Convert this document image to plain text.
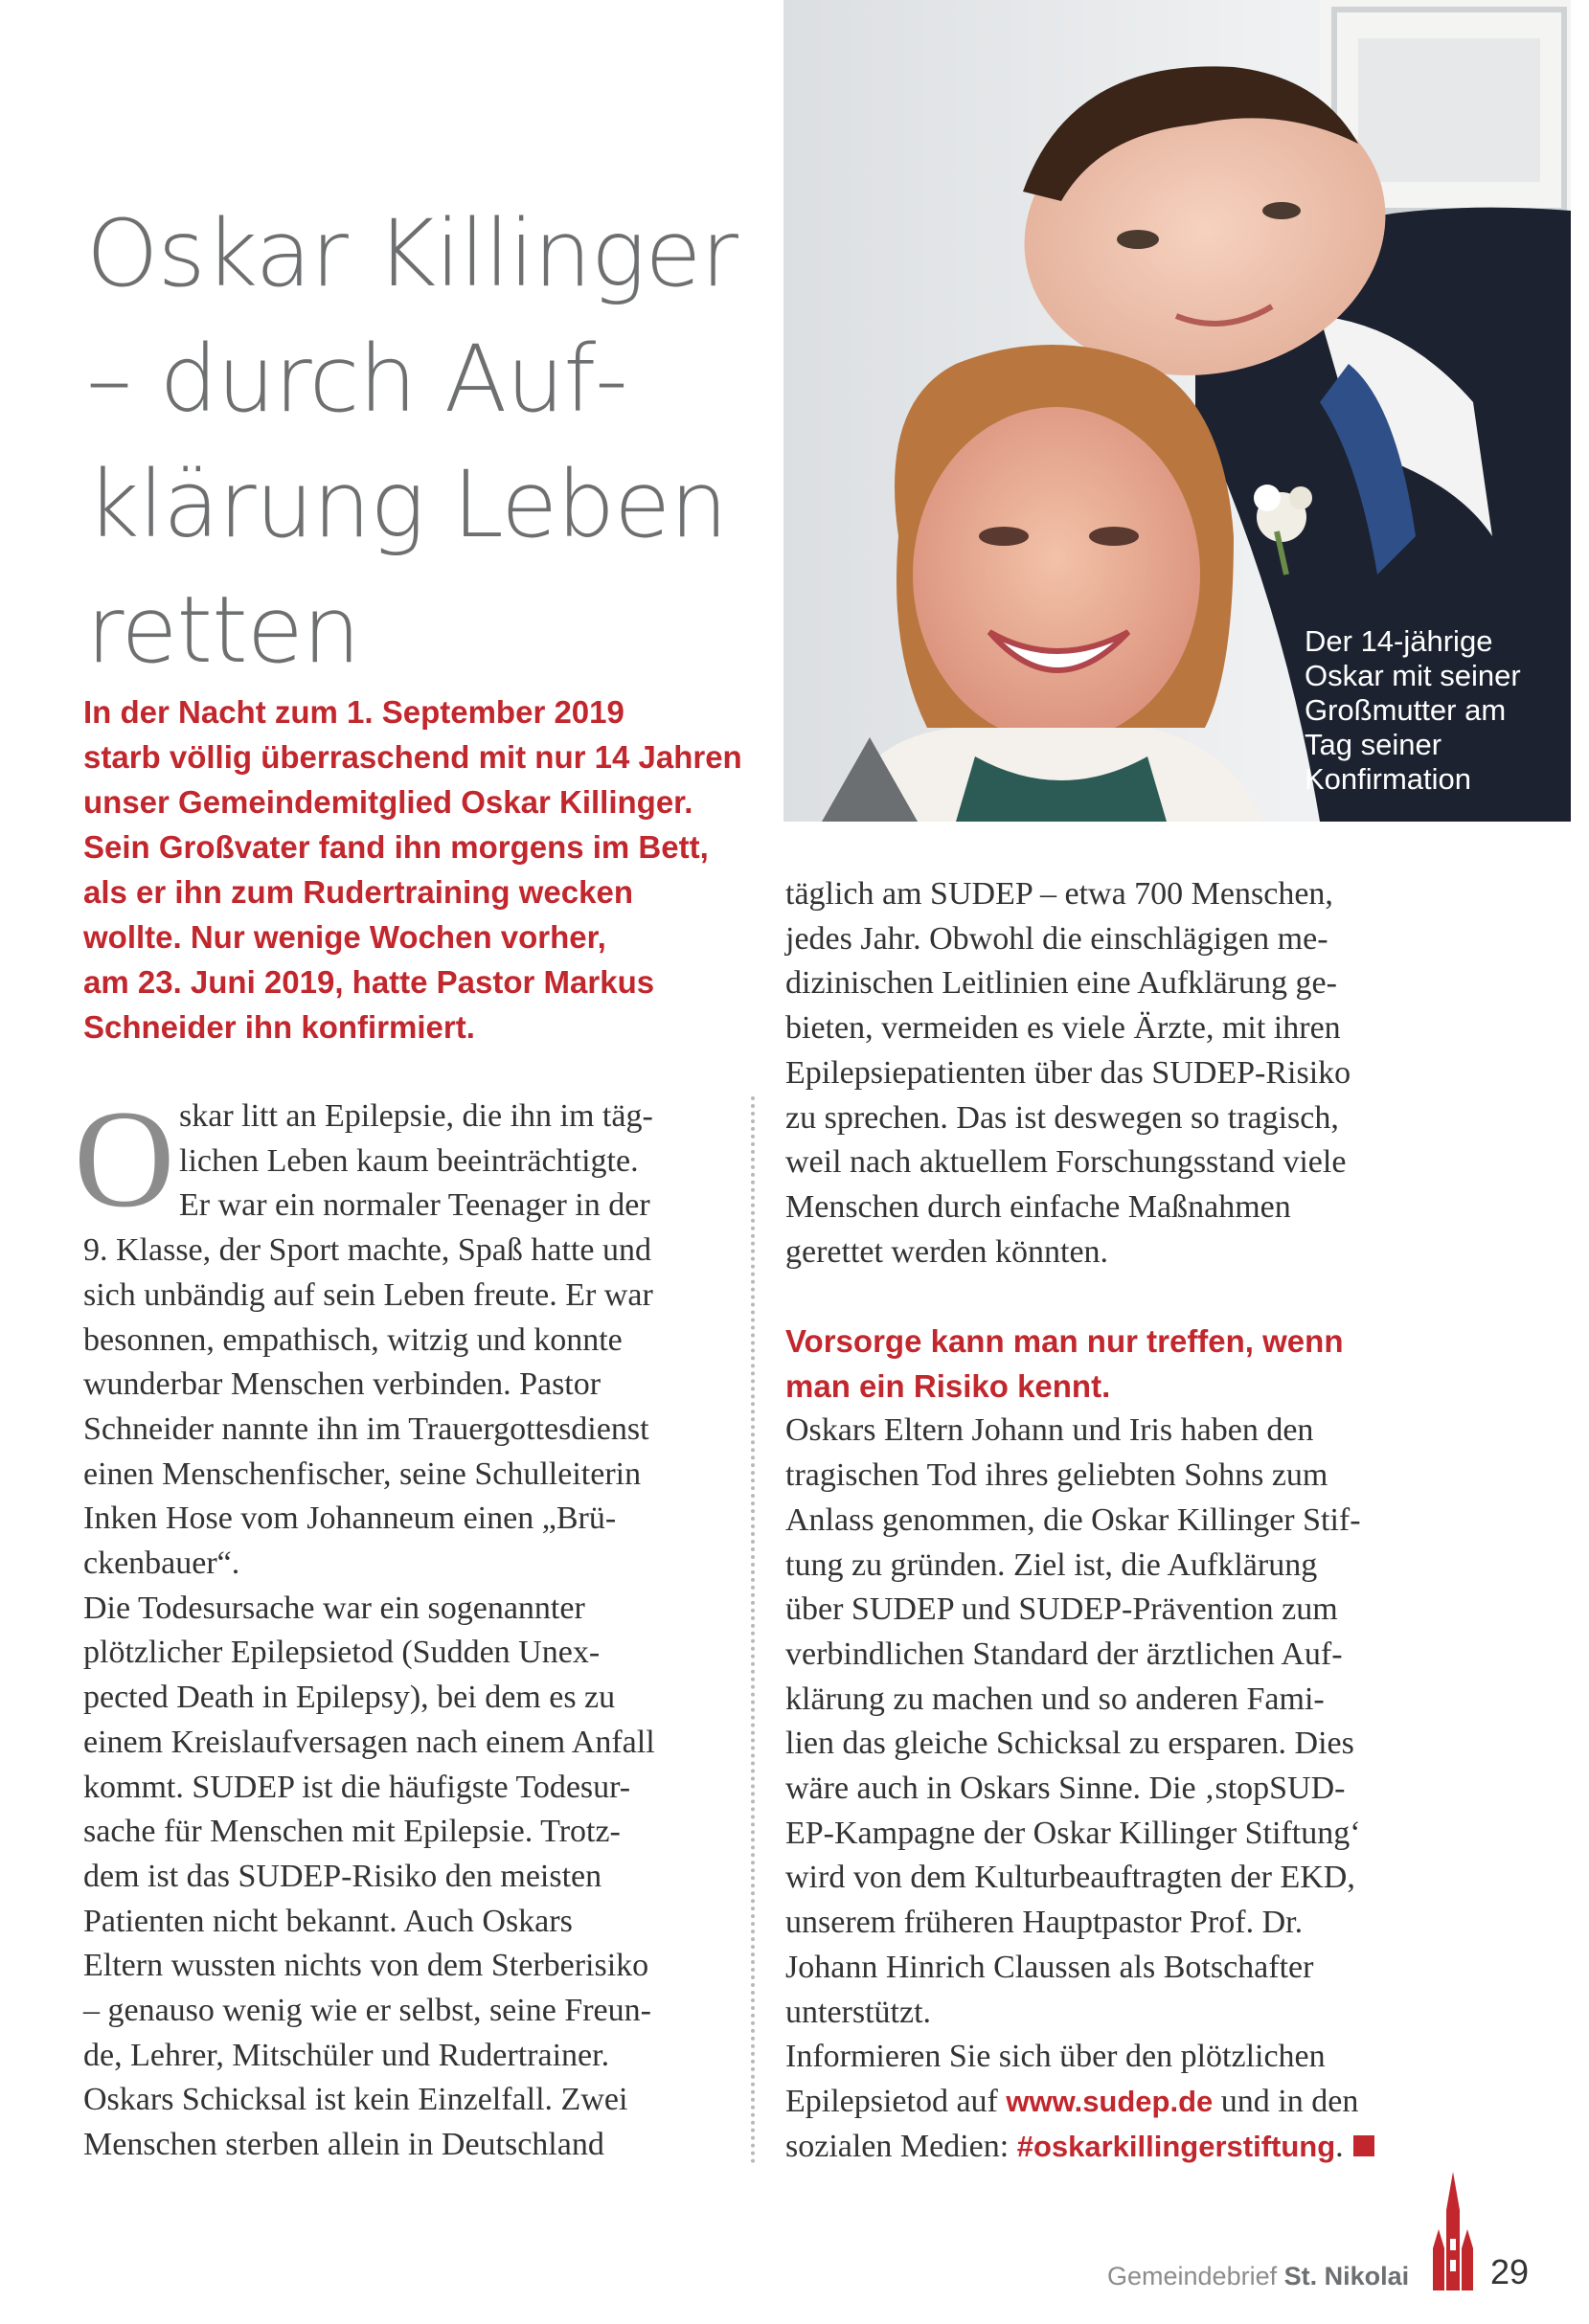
Oskar Killinger
– durch Auf-
klärung Leben
retten

In der Nacht zum 1. September 2019
starb völlig überraschend mit nur 14 Jahren
unser Gemeindemitglied Oskar Killinger.
Sein Großvater fand ihn morgens im Bett,
als er ihn zum Rudertraining wecken
wollte. Nur wenige Wochen vorher,
am 23. Juni 2019, hatte Pastor Markus
Schneider ihn konfirmiert.

Der 14-jährige
Oskar mit seiner
Großmutter am
Tag seiner
Konfirmation

O skar litt an Epilepsie, die ihn im täg-
lichen Leben kaum beeinträchtigte.
Er war ein normaler Teenager in der
9. Klasse, der Sport machte, Spaß hatte und
sich unbändig auf sein Leben freute. Er war
besonnen, empathisch, witzig und konnte
wunderbar Menschen verbinden. Pastor
Schneider nannte ihn im Trauergottesdienst
einen Menschenfischer, seine Schulleiterin
Inken Hose vom Johanneum einen „Brü-
ckenbauer“.
Die Todesursache war ein sogenannter
plötzlicher Epilepsietod (Sudden Unex-
pected Death in Epilepsy), bei dem es zu
einem Kreislaufversagen nach einem Anfall
kommt. SUDEP ist die häufigste Todesur-
sache für Menschen mit Epilepsie. Trotz-
dem ist das SUDEP-Risiko den meisten
Patienten nicht bekannt. Auch Oskars
Eltern wussten nichts von dem Sterberisiko
– genauso wenig wie er selbst, seine Freun-
de, Lehrer, Mitschüler und Rudertrainer.
Oskars Schicksal ist kein Einzelfall. Zwei
Menschen sterben allein in Deutschland
täglich am SUDEP – etwa 700 Menschen,
jedes Jahr. Obwohl die einschlägigen me-
dizinischen Leitlinien eine Aufklärung ge-
bieten, vermeiden es viele Ärzte, mit ihren
Epilepsiepatienten über das SUDEP-Risiko
zu sprechen. Das ist deswegen so tragisch,
weil nach aktuellem Forschungsstand viele
Menschen durch einfache Maßnahmen
gerettet werden könnten.
Vorsorge kann man nur treffen, wenn
man ein Risiko kennt.
Oskars Eltern Johann und Iris haben den
tragischen Tod ihres geliebten Sohns zum
Anlass genommen, die Oskar Killinger Stif-
tung zu gründen. Ziel ist, die Aufklärung
über SUDEP und SUDEP-Prävention zum
verbindlichen Standard der ärztlichen Auf-
klärung zu machen und so anderen Fami-
lien das gleiche Schicksal zu ersparen. Dies
wäre auch in Oskars Sinne. Die ‚stopSUD-
EP-Kampagne der Oskar Killinger Stiftung‘
wird von dem Kulturbeauftragten der EKD,
unserem früheren Hauptpastor Prof. Dr.
Johann Hinrich Claussen als Botschafter
unterstützt.
Informieren Sie sich über den plötzlichen
Epilepsietod auf www.sudep.de und in den
sozialen Medien: #oskarkillingerstiftung.
Gemeindebrief St. Nikolai 29
